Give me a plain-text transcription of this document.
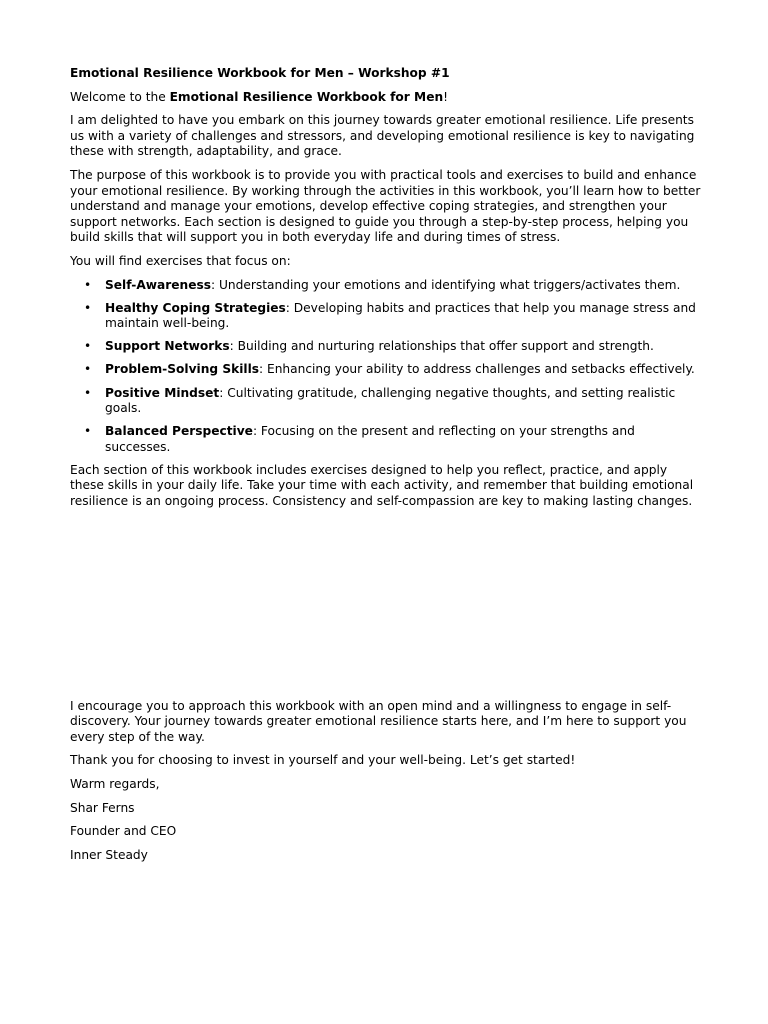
Emotional Resilience Workbook for Men – Workshop #1

Welcome to the Emotional Resilience Workbook for Men!

I am delighted to have you embark on this journey towards greater emotional resilience. Life presents us with a variety of challenges and stressors, and developing emotional resilience is key to navigating these with strength, adaptability, and grace.

The purpose of this workbook is to provide you with practical tools and exercises to build and enhance your emotional resilience. By working through the activities in this workbook, you’ll learn how to better understand and manage your emotions, develop effective coping strategies, and strengthen your support networks. Each section is designed to guide you through a step-by-step process, helping you build skills that will support you in both everyday life and during times of stress.

You will find exercises that focus on:

• Self-Awareness: Understanding your emotions and identifying what triggers/activates them.
• Healthy Coping Strategies: Developing habits and practices that help you manage stress and maintain well-being.
• Support Networks: Building and nurturing relationships that offer support and strength.
• Problem-Solving Skills: Enhancing your ability to address challenges and setbacks effectively.
• Positive Mindset: Cultivating gratitude, challenging negative thoughts, and setting realistic goals.
• Balanced Perspective: Focusing on the present and reflecting on your strengths and successes.

Each section of this workbook includes exercises designed to help you reflect, practice, and apply these skills in your daily life. Take your time with each activity, and remember that building emotional resilience is an ongoing process. Consistency and self-compassion are key to making lasting changes.

I encourage you to approach this workbook with an open mind and a willingness to engage in self-discovery. Your journey towards greater emotional resilience starts here, and I’m here to support you every step of the way.

Thank you for choosing to invest in yourself and your well-being. Let’s get started!

Warm regards,

Shar Ferns

Founder and CEO

Inner Steady
